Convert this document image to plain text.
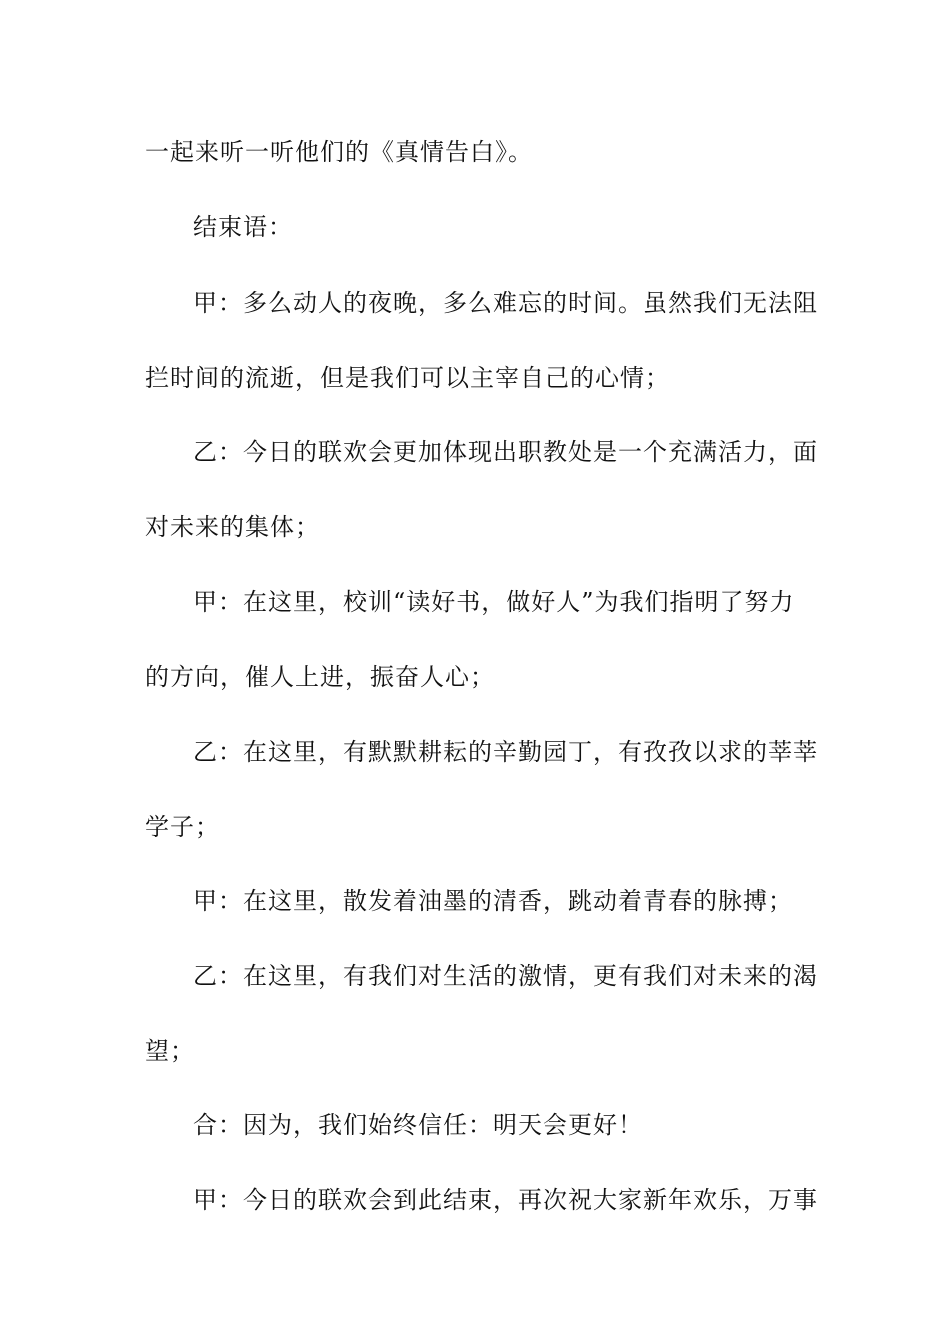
一起来听一听他们的《真情告白》。
结束语：
甲：多么动人的夜晚，多么难忘的时间。虽然我们无法阻
拦时间的流逝，但是我们可以主宰自己的心情；
乙：今日的联欢会更加体现出职教处是一个充满活力，面
对未来的集体；
甲：在这里，校训“读好书，做好人”为我们指明了努力
的方向，催人上进，振奋人心；
乙：在这里，有默默耕耘的辛勤园丁，有孜孜以求的莘莘
学子；
甲：在这里，散发着油墨的清香，跳动着青春的脉搏；
乙：在这里，有我们对生活的激情，更有我们对未来的渴
望；
合：因为，我们始终信任：明天会更好！
甲：今日的联欢会到此结束，再次祝大家新年欢乐，万事
